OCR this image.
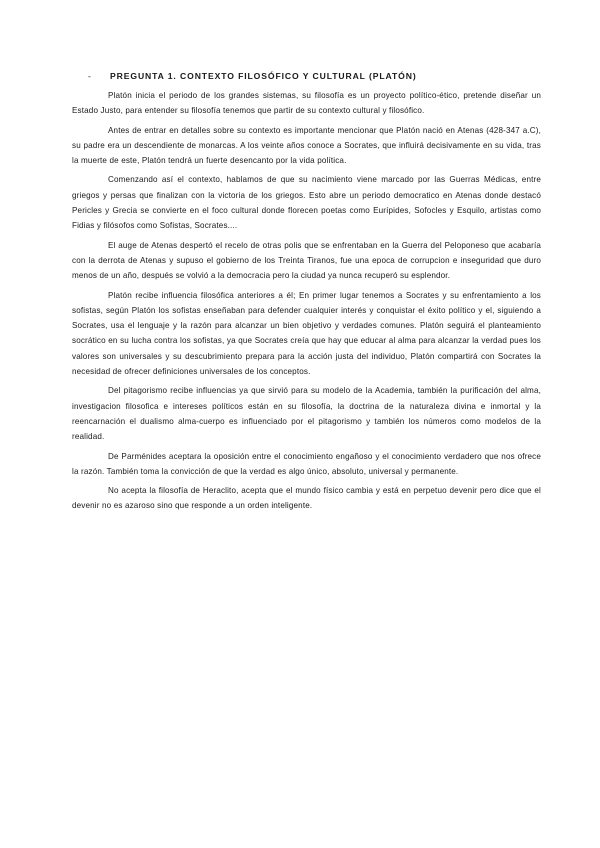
-	PREGUNTA 1. CONTEXTO FILOSÓFICO Y CULTURAL (PLATÓN)

Platón inicia el periodo de los grandes sistemas, su filosofía es un proyecto político-ético, pretende diseñar un Estado Justo, para entender su filosofía tenemos que partir de su contexto cultural y filosófico.

Antes de entrar en detalles sobre su contexto es importante mencionar que Platón nació en Atenas (428-347 a.C), su padre era un descendiente de monarcas. A los veinte años conoce a Socrates, que influirá decisivamente en su vida, tras la muerte de este, Platón tendrá un fuerte desencanto por la vida política.

Comenzando así el contexto, hablamos de que su nacimiento viene marcado por las Guerras Médicas, entre griegos y persas que finalizan con la victoria de los griegos. Esto abre un periodo democratico en Atenas donde destacó Pericles y Grecia se convierte en el foco cultural donde florecen poetas como Eurípides, Sofocles y Esquilo, artistas como Fidias y filósofos como Sofistas, Socrates....

El auge de Atenas despertó el recelo de otras polis que se enfrentaban en la Guerra del Peloponeso que acabaría con la derrota de Atenas y supuso el gobierno de los Treinta Tiranos, fue una epoca de corrupcion e inseguridad que duro menos de un año, después se volvió a la democracia pero la ciudad ya nunca recuperó su esplendor.

Platón recibe influencia filosófica anteriores a él; En primer lugar tenemos a Socrates y su enfrentamiento a los sofistas, según Platón los sofistas enseñaban para defender cualquier interés y conquistar el éxito político y el, siguiendo a Socrates, usa el lenguaje y la razón para alcanzar un bien objetivo y verdades comunes. Platón seguirá el planteamiento socrático en su lucha contra los sofistas, ya que Socrates creía que hay que educar al alma para alcanzar la verdad pues los valores son universales y su descubrimiento prepara para la acción justa del individuo, Platón compartirá con Socrates la necesidad de ofrecer definiciones universales de los conceptos.

Del pitagorismo recibe influencias ya que sirvió para su modelo de la Academia, también la purificación del alma, investigacion filosofica e intereses políticos están en su filosofía, la doctrina de la naturaleza divina e inmortal y la reencarnación el dualismo alma-cuerpo es influenciado por el pitagorismo y también los números como modelos de la realidad.

De Parménides aceptara la oposición entre el conocimiento engañoso y el conocimiento verdadero que nos ofrece la razón. También toma la convicción de que la verdad es algo único, absoluto, universal y permanente.

No acepta la filosofía de Heraclito, acepta que el mundo físico cambia y está en perpetuo devenir pero dice que el devenir no es azaroso sino que responde a un orden inteligente.
